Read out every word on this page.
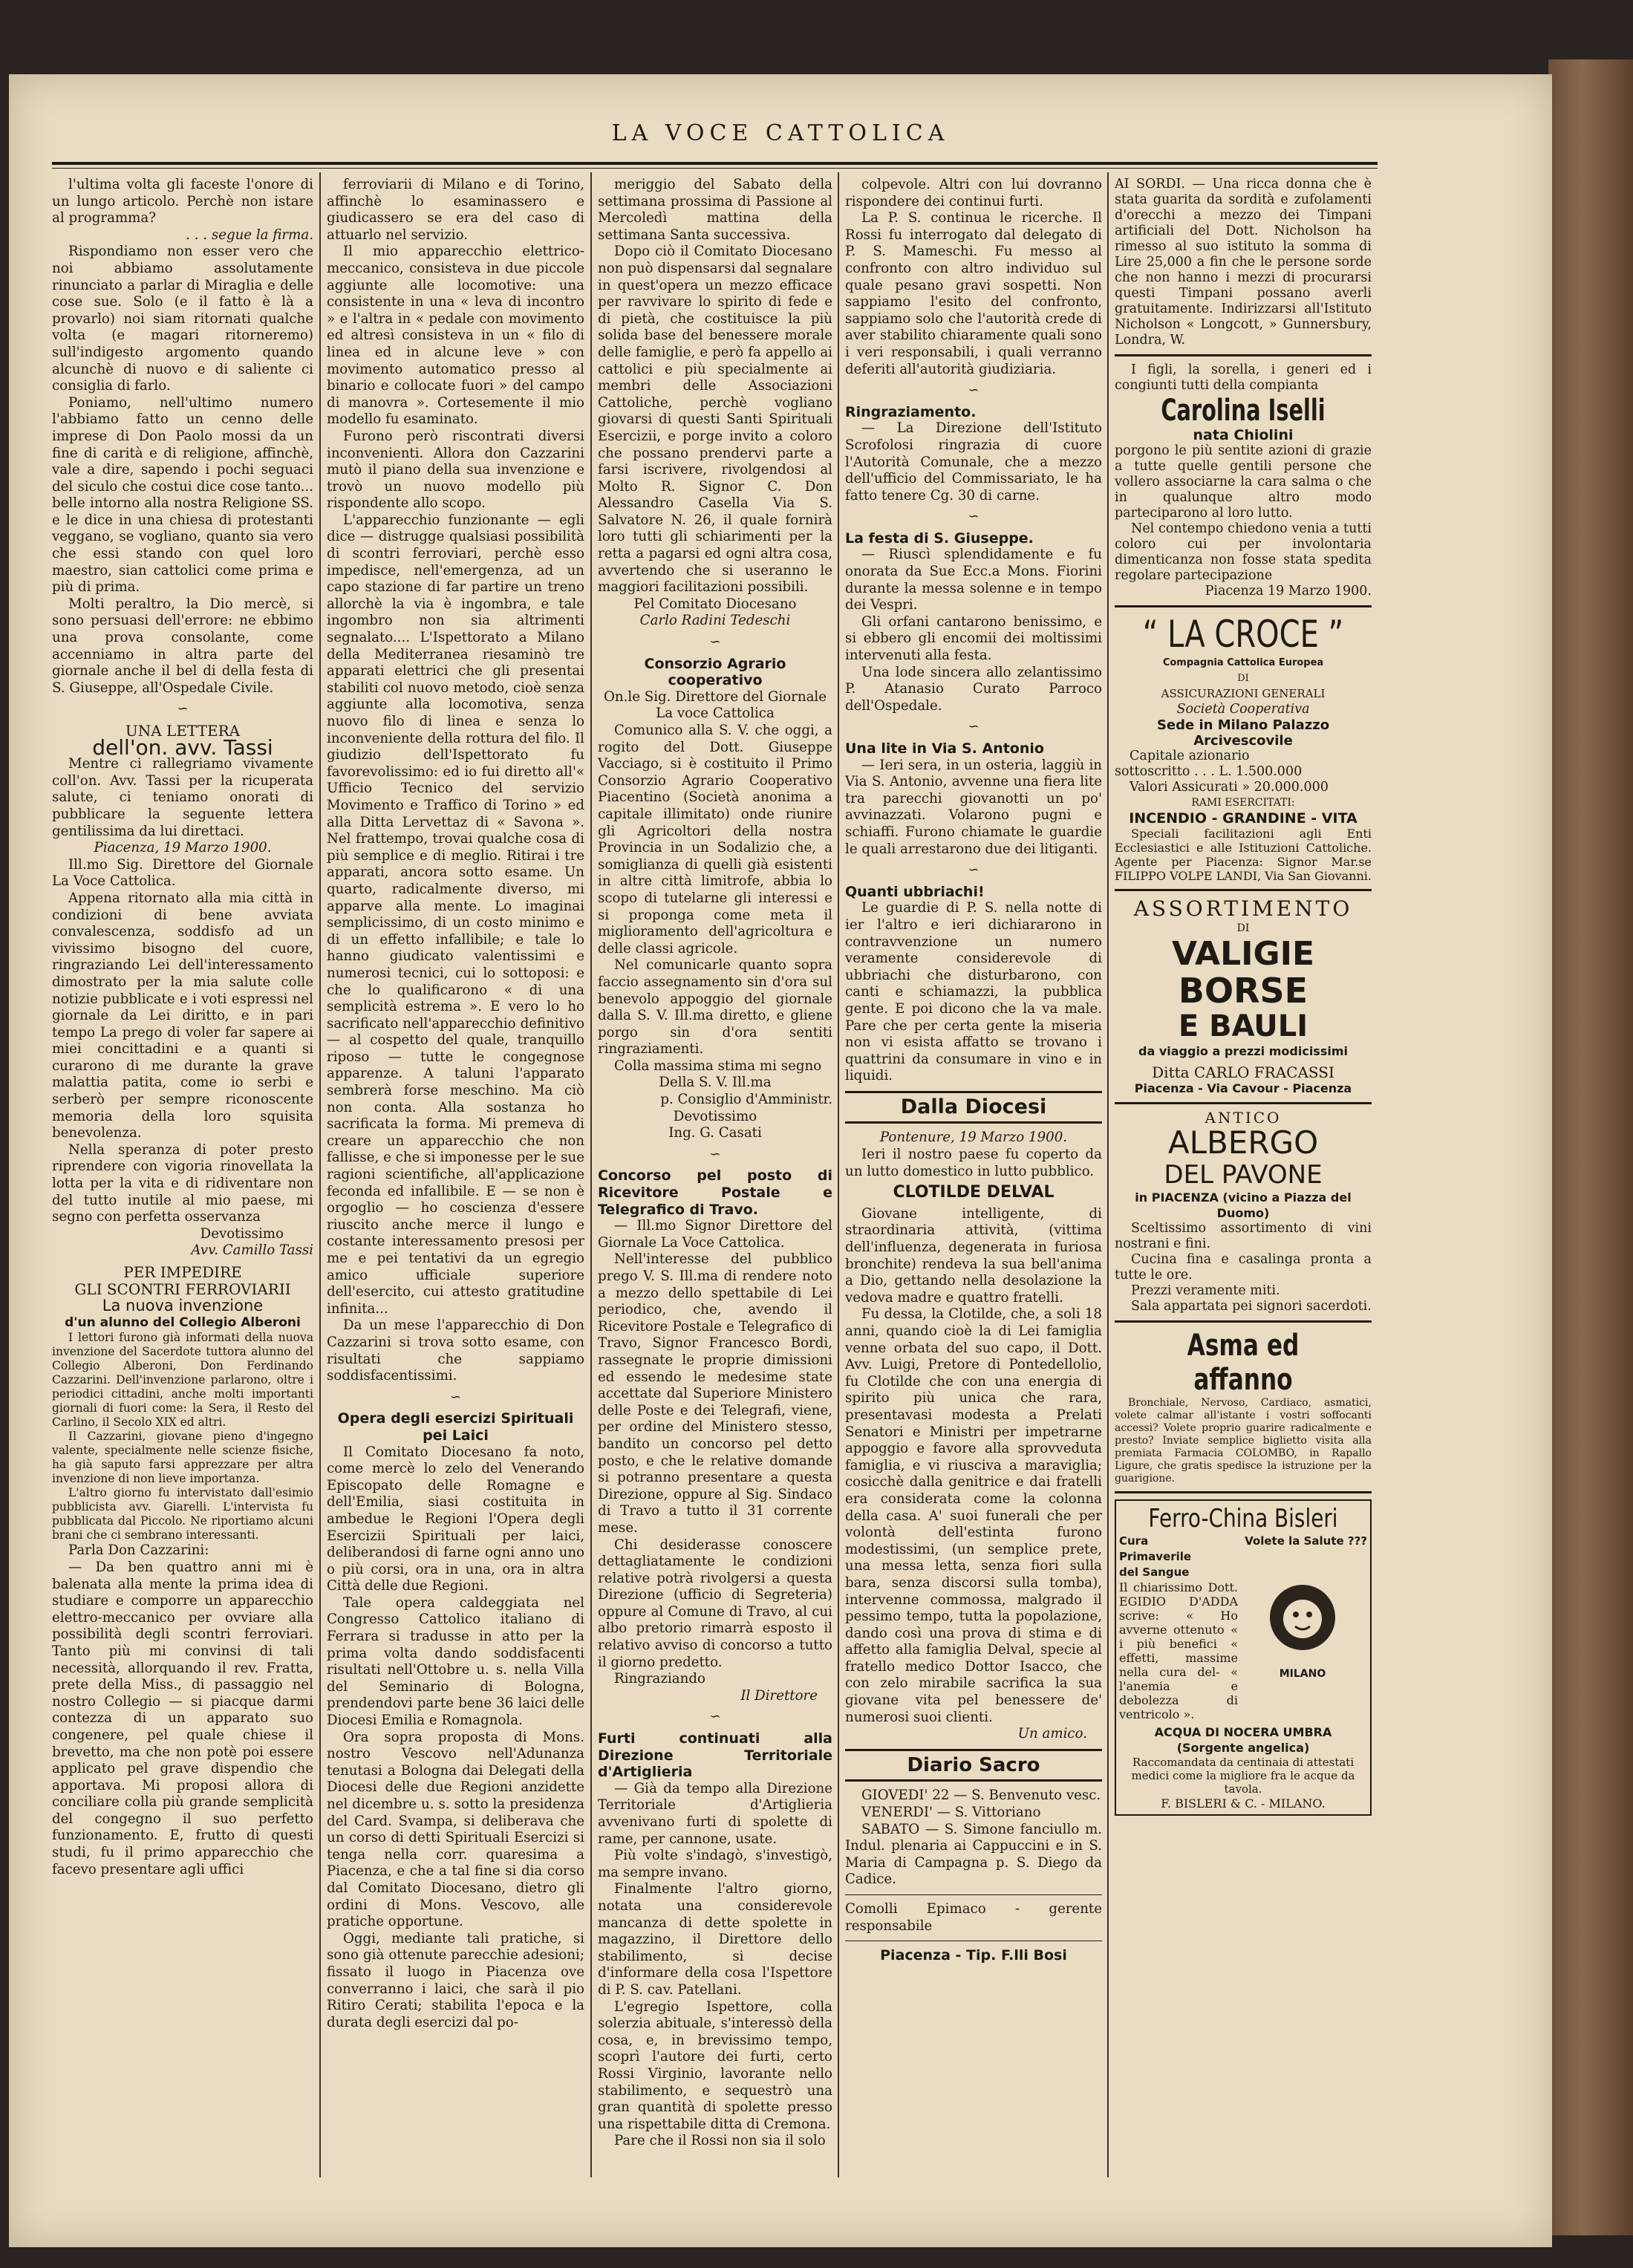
LA VOCE CATTOLICA

l'ultima volta gli faceste l'onore di un lungo articolo. Perchè non istare al programma?

. . . segue la firma.

Rispondiamo non esser vero che noi abbiamo assolutamente rinunciato a parlar di Miraglia e delle cose sue. Solo (e il fatto è là a provarlo) noi siam ritornati qualche volta (e magari ritorneremo) sull'indigesto argomento quando alcunchè di nuovo e di saliente ci consiglia di farlo.

Poniamo, nell'ultimo numero l'abbiamo fatto un cenno delle imprese di Don Paolo mossi da un fine di carità e di religione, affinchè, vale a dire, sapendo i pochi seguaci del siculo che costui dice cose tanto... belle intorno alla nostra Religione SS. e le dice in una chiesa di protestanti veggano, se vogliano, quanto sia vero che essi stando con quel loro maestro, sian cattolici come prima e più di prima.

Molti peraltro, la Dio mercè, si sono persuasi dell'errore: ne ebbimo una prova consolante, come accenniamo in altra parte del giornale anche il bel di della festa di S. Giuseppe, all'Ospedale Civile.

∽

UNA LETTERA

dell'on. avv. Tassi

Mentre ci rallegriamo vivamente coll'on. Avv. Tassi per la ricuperata salute, ci teniamo onorati di pubblicare la seguente lettera gentilissima da lui direttaci.

Piacenza, 19 Marzo 1900.

Ill.mo Sig. Direttore del Giornale La Voce Cattolica.

Appena ritornato alla mia città in condizioni di bene avviata convalescenza, soddisfo ad un vivissimo bisogno del cuore, ringraziando Lei dell'interessamento dimostrato per la mia salute colle notizie pubblicate e i voti espressi nel giornale da Lei diritto, e in pari tempo La prego di voler far sapere ai miei concittadini e a quanti si curarono di me durante la grave malattia patita, come io serbi e serberò per sempre riconoscente memoria della loro squisita benevolenza.

Nella speranza di poter presto riprendere con vigoria rinovellata la lotta per la vita e di ridiventare non del tutto inutile al mio paese, mi segno con perfetta osservanza

Devotissimo

Avv. Camillo Tassi

PER IMPEDIRE

GLI SCONTRI FERROVIARII

La nuova invenzione

d'un alunno del Collegio Alberoni

I lettori furono già informati della nuova invenzione del Sacerdote tuttora alunno del Collegio Alberoni, Don Ferdinando Cazzarini. Dell'invenzione parlarono, oltre i periodici cittadini, anche molti importanti giornali di fuori come: la Sera, il Resto del Carlino, il Secolo XIX ed altri.

Il Cazzarini, giovane pieno d'ingegno valente, specialmente nelle scienze fisiche, ha già saputo farsi apprezzare per altra invenzione di non lieve importanza.

L'altro giorno fu intervistato dall'esimio pubblicista avv. Giarelli. L'intervista fu pubblicata dal Piccolo. Ne riportiamo alcuni brani che ci sembrano interessanti.

Parla Don Cazzarini:

— Da ben quattro anni mi è balenata alla mente la prima idea di studiare e comporre un apparecchio elettro-meccanico per ovviare alla possibilità degli scontri ferroviari. Tanto più mi convinsi di tali necessità, allorquando il rev. Fratta, prete della Miss., di passaggio nel nostro Collegio — si piacque darmi contezza di un apparato suo congenere, pel quale chiese il brevetto, ma che non potè poi essere applicato pel grave dispendio che apportava. Mi proposi allora di conciliare colla più grande semplicità del congegno il suo perfetto funzionamento. E, frutto di questi studi, fu il primo apparecchio che facevo presentare agli uffici

ferroviarii di Milano e di Torino, affinchè lo esaminassero e giudicassero se era del caso di attuarlo nel servizio.

Il mio apparecchio elettrico-meccanico, consisteva in due piccole aggiunte alle locomotive: una consistente in una « leva di incontro » e l'altra in « pedale con movimento ed altresì consisteva in un « filo di linea ed in alcune leve » con movimento automatico presso al binario e collocate fuori » del campo di manovra ». Cortesemente il mio modello fu esaminato.

Furono però riscontrati diversi inconvenienti. Allora don Cazzarini mutò il piano della sua invenzione e trovò un nuovo modello più rispondente allo scopo.

L'apparecchio funzionante — egli dice — distrugge qualsiasi possibilità di scontri ferroviari, perchè esso impedisce, nell'emergenza, ad un capo stazione di far partire un treno allorchè la via è ingombra, e tale ingombro non sia altrimenti segnalato.... L'Ispettorato a Milano della Mediterranea riesaminò tre apparati elettrici che gli presentai stabiliti col nuovo metodo, cioè senza aggiunte alla locomotiva, senza nuovo filo di linea e senza lo inconveniente della rottura del filo. Il giudizio dell'Ispettorato fu favorevolissimo: ed io fui diretto all'« Ufficio Tecnico del servizio Movimento e Traffico di Torino » ed alla Ditta Lervettaz di « Savona ». Nel frattempo, trovai qualche cosa di più semplice e di meglio. Ritirai i tre apparati, ancora sotto esame. Un quarto, radicalmente diverso, mi apparve alla mente. Lo imaginai semplicissimo, di un costo minimo e di un effetto infallibile; e tale lo hanno giudicato valentissimi e numerosi tecnici, cui lo sottoposi: e che lo qualificarono « di una semplicità estrema ». E vero lo ho sacrificato nell'apparecchio definitivo — al cospetto del quale, tranquillo riposo — tutte le congegnose apparenze. A taluni l'apparato sembrerà forse meschino. Ma ciò non conta. Alla sostanza ho sacrificata la forma. Mi premeva di creare un apparecchio che non fallisse, e che si imponesse per le sue ragioni scientifiche, all'applicazione feconda ed infallibile. E — se non è orgoglio — ho coscienza d'essere riuscito anche merce il lungo e costante interessamento presosi per me e pei tentativi da un egregio amico ufficiale superiore dell'esercito, cui attesto gratitudine infinita...

Da un mese l'apparecchio di Don Cazzarini si trova sotto esame, con risultati che sappiamo soddisfacentissimi.

∽

Opera degli esercizi Spirituali

pei Laici

Il Comitato Diocesano fa noto, come mercè lo zelo del Venerando Episcopato delle Romagne e dell'Emilia, siasi costituita in ambedue le Regioni l'Opera degli Esercizii Spirituali per laici, deliberandosi di farne ogni anno uno o più corsi, ora in una, ora in altra Città delle due Regioni.

Tale opera caldeggiata nel Congresso Cattolico italiano di Ferrara si tradusse in atto per la prima volta dando soddisfacenti risultati nell'Ottobre u. s. nella Villa del Seminario di Bologna, prendendovi parte bene 36 laici delle Diocesi Emilia e Romagnola.

Ora sopra proposta di Mons. nostro Vescovo nell'Adunanza tenutasi a Bologna dai Delegati della Diocesi delle due Regioni anzidette nel dicembre u. s. sotto la presidenza del Card. Svampa, si deliberava che un corso di detti Spirituali Esercizi si tenga nella corr. quaresima a Piacenza, e che a tal fine si dia corso dal Comitato Diocesano, dietro gli ordini di Mons. Vescovo, alle pratiche opportune.

Oggi, mediante tali pratiche, si sono già ottenute parecchie adesioni; fissato il luogo in Piacenza ove converranno i laici, che sarà il pio Ritiro Cerati; stabilita l'epoca e la durata degli esercizi dal po-

meriggio del Sabato della settimana prossima di Passione al Mercoledì mattina della settimana Santa successiva.

Dopo ciò il Comitato Diocesano non può dispensarsi dal segnalare in quest'opera un mezzo efficace per ravvivare lo spirito di fede e di pietà, che costituisce la più solida base del benessere morale delle famiglie, e però fa appello ai cattolici e più specialmente ai membri delle Associazioni Cattoliche, perchè vogliano giovarsi di questi Santi Spirituali Esercizii, e porge invito a coloro che possano prendervi parte a farsi iscrivere, rivolgendosi al Molto R. Signor C. Don Alessandro Casella Via S. Salvatore N. 26, il quale fornirà loro tutti gli schiarimenti per la retta a pagarsi ed ogni altra cosa, avvertendo che si useranno le maggiori facilitazioni possibili.

Pel Comitato Diocesano

Carlo Radini Tedeschi

∽

Consorzio Agrario cooperativo

On.le Sig. Direttore del Giornale La voce Cattolica

Comunico alla S. V. che oggi, a rogito del Dott. Giuseppe Vacciago, si è costituito il Primo Consorzio Agrario Cooperativo Piacentino (Società anonima a capitale illimitato) onde riunire gli Agricoltori della nostra Provincia in un Sodalizio che, a somiglianza di quelli già esistenti in altre città limitrofe, abbia lo scopo di tutelarne gli interessi e si proponga come meta il miglioramento dell'agricoltura e delle classi agricole.

Nel comunicarle quanto sopra faccio assegnamento sin d'ora sul benevolo appoggio del giornale dalla S. V. Ill.ma diretto, e gliene porgo sin d'ora sentiti ringraziamenti.

Colla massima stima mi segno

Della S. V. Ill.ma

p. Consiglio d'Amministr.

Devotissimo

Ing. G. Casati

∽

Concorso pel posto di Ricevitore Postale e Telegrafico di Travo.

— Ill.mo Signor Direttore del Giornale La Voce Cattolica.

Nell'interesse del pubblico prego V. S. Ill.ma di rendere noto a mezzo dello spettabile di Lei periodico, che, avendo il Ricevitore Postale e Telegrafico di Travo, Signor Francesco Bordi, rassegnate le proprie dimissioni ed essendo le medesime state accettate dal Superiore Ministero delle Poste e dei Telegrafi, viene, per ordine del Ministero stesso, bandito un concorso pel detto posto, e che le relative domande si potranno presentare a questa Direzione, oppure al Sig. Sindaco di Travo a tutto il 31 corrente mese.

Chi desiderasse conoscere dettagliatamente le condizioni relative potrà rivolgersi a questa Direzione (ufficio di Segreteria) oppure al Comune di Travo, al cui albo pretorio rimarrà esposto il relativo avviso di concorso a tutto il giorno predetto.

Ringraziando

Il Direttore

∽

Furti continuati alla Direzione Territoriale d'Artiglieria

— Già da tempo alla Direzione Territoriale d'Artiglieria avvenivano furti di spolette di rame, per cannone, usate.

Più volte s'indagò, s'investigò, ma sempre invano.

Finalmente l'altro giorno, notata una considerevole mancanza di dette spolette in magazzino, il Direttore dello stabilimento, si decise d'informare della cosa l'Ispettore di P. S. cav. Patellani.

L'egregio Ispettore, colla solerzia abituale, s'interessò della cosa, e, in brevissimo tempo, scoprì l'autore dei furti, certo Rossi Virginio, lavorante nello stabilimento, e sequestrò una gran quantità di spolette presso una rispettabile ditta di Cremona.

Pare che il Rossi non sia il solo

colpevole. Altri con lui dovranno rispondere dei continui furti.

La P. S. continua le ricerche. Il Rossi fu interrogato dal delegato di P. S. Mameschi. Fu messo al confronto con altro individuo sul quale pesano gravi sospetti. Non sappiamo l'esito del confronto, sappiamo solo che l'autorità crede di aver stabilito chiaramente quali sono i veri responsabili, i quali verranno deferiti all'autorità giudiziaria.

∽

Ringraziamento.

— La Direzione dell'Istituto Scrofolosi ringrazia di cuore l'Autorità Comunale, che a mezzo dell'ufficio del Commissariato, le ha fatto tenere Cg. 30 di carne.

∽

La festa di S. Giuseppe.

— Riuscì splendidamente e fu onorata da Sue Ecc.a Mons. Fiorini durante la messa solenne e in tempo dei Vespri.

Gli orfani cantarono benissimo, e si ebbero gli encomii dei moltissimi intervenuti alla festa.

Una lode sincera allo zelantissimo P. Atanasio Curato Parroco dell'Ospedale.

∽

Una lite in Via S. Antonio

— Ieri sera, in un osteria, laggiù in Via S. Antonio, avvenne una fiera lite tra parecchi giovanotti un po' avvinazzati. Volarono pugni e schiaffi. Furono chiamate le guardie le quali arrestarono due dei litiganti.

∽

Quanti ubbriachi!

Le guardie di P. S. nella notte di ier l'altro e ieri dichiararono in contravvenzione un numero veramente considerevole di ubbriachi che disturbarono, con canti e schiamazzi, la pubblica gente. E poi dicono che la va male. Pare che per certa gente la miseria non vi esista affatto se trovano i quattrini da consumare in vino e in liquidi.

Dalla Diocesi

Pontenure, 19 Marzo 1900.

Ieri il nostro paese fu coperto da un lutto domestico in lutto pubblico.

CLOTILDE DELVAL

Giovane intelligente, di straordinaria attività, (vittima dell'influenza, degenerata in furiosa bronchite) rendeva la sua bell'anima a Dio, gettando nella desolazione la vedova madre e quattro fratelli.

Fu dessa, la Clotilde, che, a soli 18 anni, quando cioè la di Lei famiglia venne orbata del suo capo, il Dott. Avv. Luigi, Pretore di Pontedellolio, fu Clotilde che con una energia di spirito più unica che rara, presentavasi modesta a Prelati Senatori e Ministri per impetrarne appoggio e favore alla sprovveduta famiglia, e vi riusciva a maraviglia; cosicchè dalla genitrice e dai fratelli era considerata come la colonna della casa. A' suoi funerali che per volontà dell'estinta furono modestissimi, (un semplice prete, una messa letta, senza fiori sulla bara, senza discorsi sulla tomba), intervenne commossa, malgrado il pessimo tempo, tutta la popolazione, dando così una prova di stima e di affetto alla famiglia Delval, specie al fratello medico Dottor Isacco, che con zelo mirabile sacrifica la sua giovane vita pel benessere de' numerosi suoi clienti.

Un amico.

Diario Sacro

GIOVEDI' 22 — S. Benvenuto vesc.

VENERDI' — S. Vittoriano

SABATO — S. Simone fanciullo m. Indul. plenaria ai Cappuccini e in S. Maria di Campagna p. S. Diego da Cadice.

Comolli Epimaco - gerente responsabile

Piacenza - Tip. F.lli Bosi

AI SORDI. — Una ricca donna che è stata guarita da sordità e zufolamenti d'orecchi a mezzo dei Timpani artificiali del Dott. Nicholson ha rimesso al suo istituto la somma di Lire 25,000 a fin che le persone sorde che non hanno i mezzi di procurarsi questi Timpani possano averli gratuitamente. Indirizzarsi all'Istituto Nicholson « Longcott, » Gunnersbury, Londra, W.

I figli, la sorella, i generi ed i congiunti tutti della compianta

Carolina Iselli

nata Chiolini

porgono le più sentite azioni di grazie a tutte quelle gentili persone che vollero associarne la cara salma o che in qualunque altro modo parteciparono al loro lutto.

Nel contempo chiedono venia a tutti coloro cui per involontaria dimenticanza non fosse stata spedita regolare partecipazione

Piacenza 19 Marzo 1900.

“ LA CROCE ”

Compagnia Cattolica Europea

DI

ASSICURAZIONI GENERALI

Società Cooperativa

Sede in Milano Palazzo Arcivescovile

Capitale azionario

sottoscritto . . . L. 1.500.000

Valori Assicurati » 20.000.000

RAMI ESERCITATI:

INCENDIO - GRANDINE - VITA

Speciali facilitazioni agli Enti Ecclesiastici e alle Istituzioni Cattoliche. Agente per Piacenza: Signor Mar.se FILIPPO VOLPE LANDI, Via San Giovanni.

ASSORTIMENTO

DI

VALIGIE

BORSE

E BAULI

da viaggio a prezzi modicissimi

Ditta CARLO FRACASSI

Piacenza - Via Cavour - Piacenza

ANTICO

ALBERGO

DEL PAVONE

in PIACENZA (vicino a Piazza del Duomo)

Sceltissimo assortimento di vini nostrani e fini.

Cucina fina e casalinga pronta a tutte le ore.

Prezzi veramente miti.

Sala appartata pei signori sacerdoti.

Asma ed affanno

Bronchiale, Nervoso, Cardiaco, asmatici, volete calmar all'istante i vostri soffocanti accessi? Volete proprio guarire radicalmente e presto? Inviate semplice biglietto visita alla premiata Farmacia COLOMBO, in Rapallo Ligure, che gratis spedisce la istruzione per la guarigione.

Ferro-China Bisleri

Cura Primaverile del Sangue

Volete la Salute ???

Il chiarissimo Dott. EGIDIO D'ADDA scrive: « Ho avverne ottenuto « i più benefici « effetti, massime nella cura del- « l'anemia e debolezza di ventricolo ».

MILANO

ACQUA DI NOCERA UMBRA

(Sorgente angelica)

Raccomandata da centinaia di attestati medici come la migliore fra le acque da tavola.

F. BISLERI & C. - MILANO.
